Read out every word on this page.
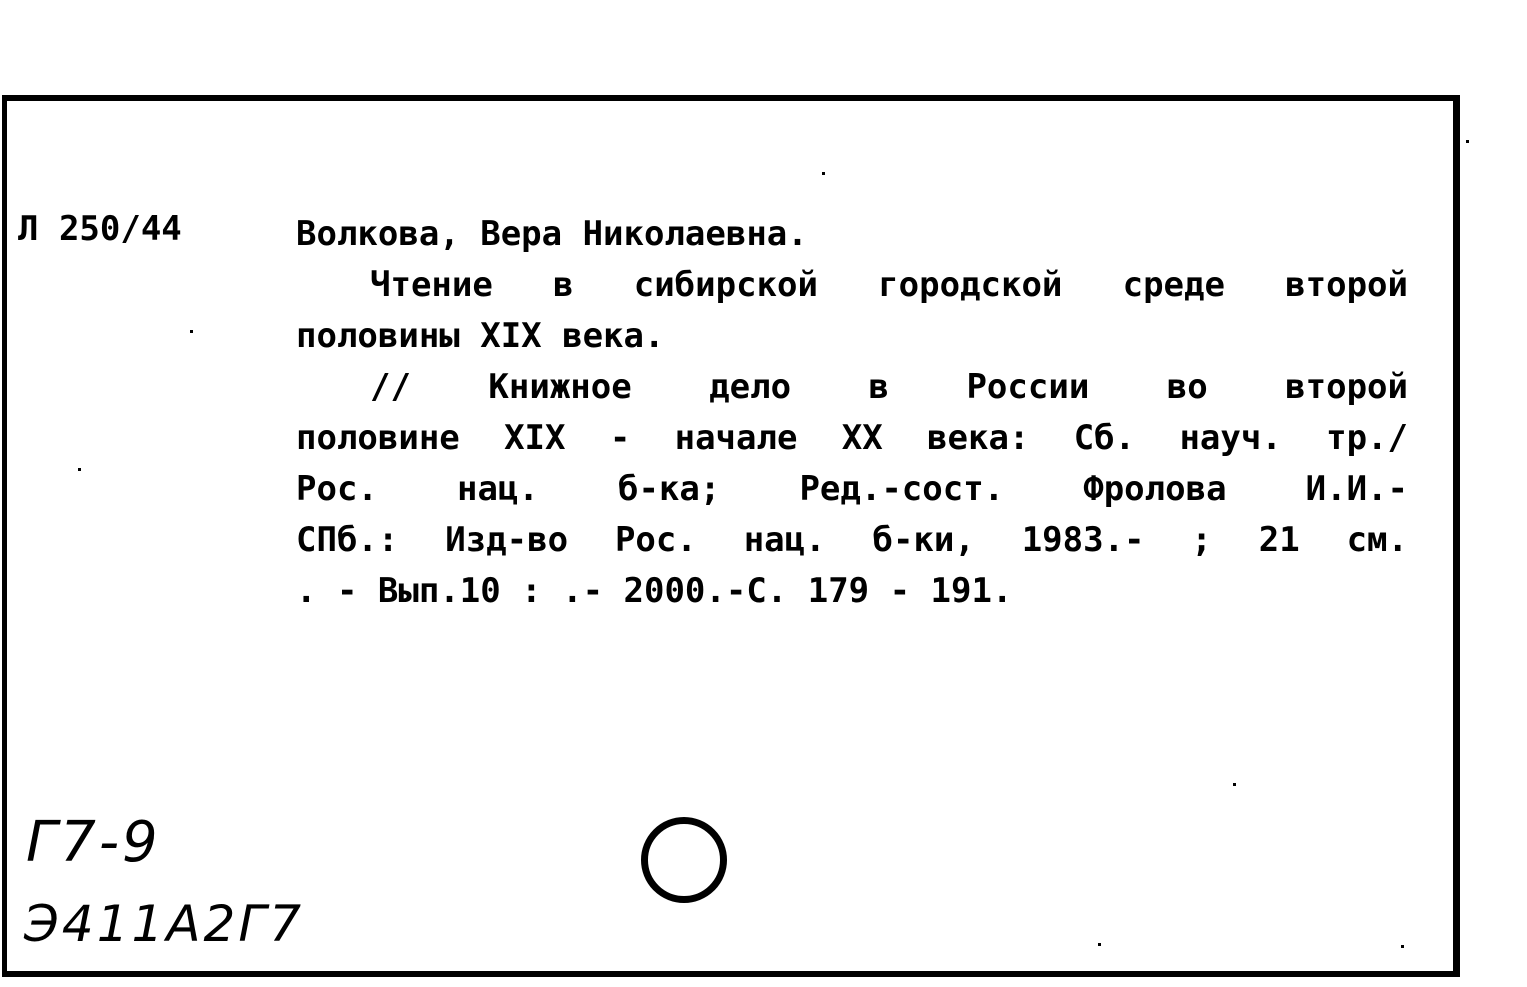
Л 250/44	Волкова, Вера Николаевна.
Чтение в сибирской городской среде второй
половины XIX века.
// Книжное дело в России во второй
половине XIX - начале XX века: Сб. науч. тр./
Рос. нац. б-ка; Ред.-сост. Фролова И.И.-
СПб.: Изд-во Рос. нац. б-ки, 1983.- ; 21 см.
. - Вып.10 : .- 2000.-С. 179 - 191.
Г7-9
Э411А2Г7
